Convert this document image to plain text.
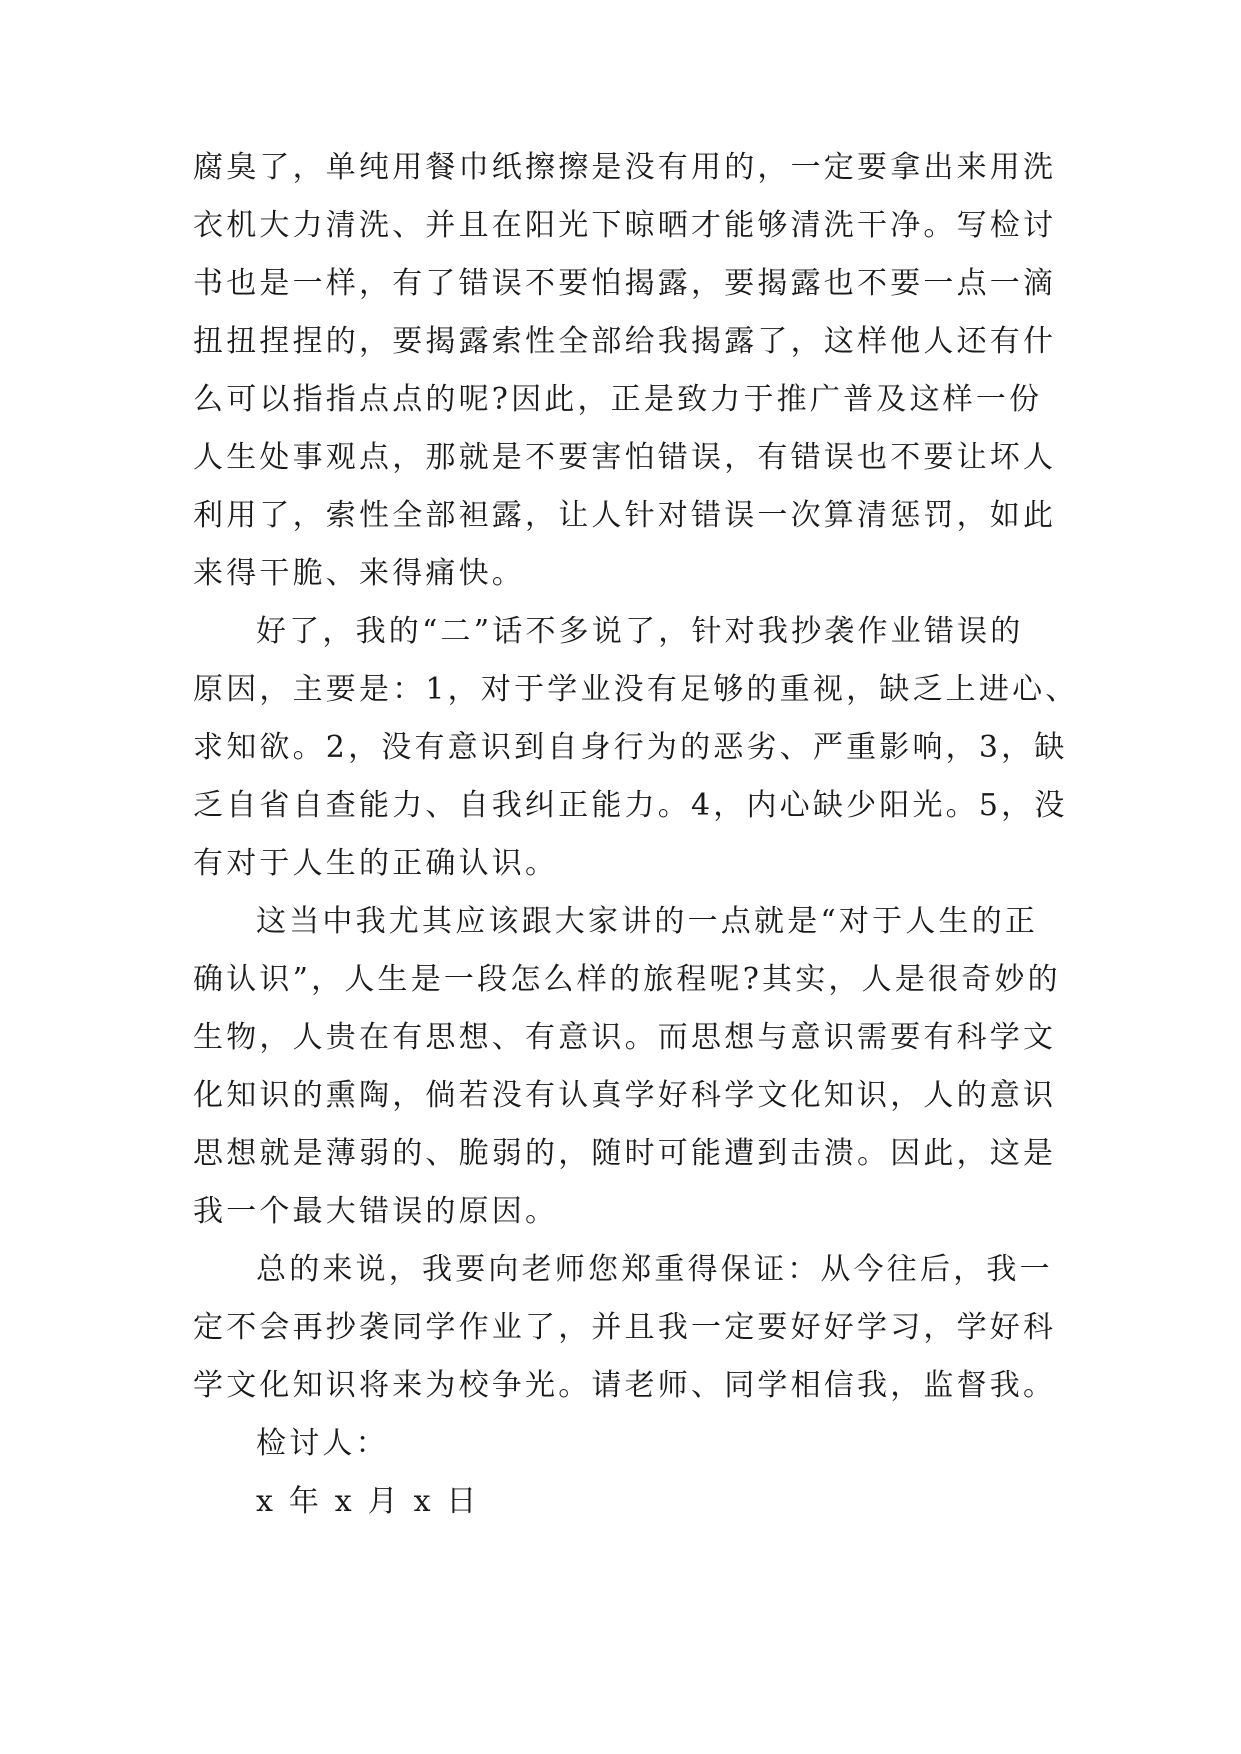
腐臭了，单纯用餐巾纸擦擦是没有用的，一定要拿出来用洗
衣机大力清洗、并且在阳光下晾晒才能够清洗干净。写检讨
书也是一样，有了错误不要怕揭露，要揭露也不要一点一滴
扭扭捏捏的，要揭露索性全部给我揭露了，这样他人还有什
么可以指指点点的呢?因此，正是致力于推广普及这样一份
人生处事观点，那就是不要害怕错误，有错误也不要让坏人
利用了，索性全部袒露，让人针对错误一次算清惩罚，如此
来得干脆、来得痛快。
好了，我的“二”话不多说了，针对我抄袭作业错误的
原因，主要是：1，对于学业没有足够的重视，缺乏上进心、
求知欲。2，没有意识到自身行为的恶劣、严重影响，3，缺
乏自省自查能力、自我纠正能力。4，内心缺少阳光。5，没
有对于人生的正确认识。
这当中我尤其应该跟大家讲的一点就是“对于人生的正
确认识”，人生是一段怎么样的旅程呢?其实，人是很奇妙的
生物，人贵在有思想、有意识。而思想与意识需要有科学文
化知识的熏陶，倘若没有认真学好科学文化知识，人的意识
思想就是薄弱的、脆弱的，随时可能遭到击溃。因此，这是
我一个最大错误的原因。
总的来说，我要向老师您郑重得保证：从今往后，我一
定不会再抄袭同学作业了，并且我一定要好好学习，学好科
学文化知识将来为校争光。请老师、同学相信我，监督我。
检讨人：
x 年 x 月 x 日
